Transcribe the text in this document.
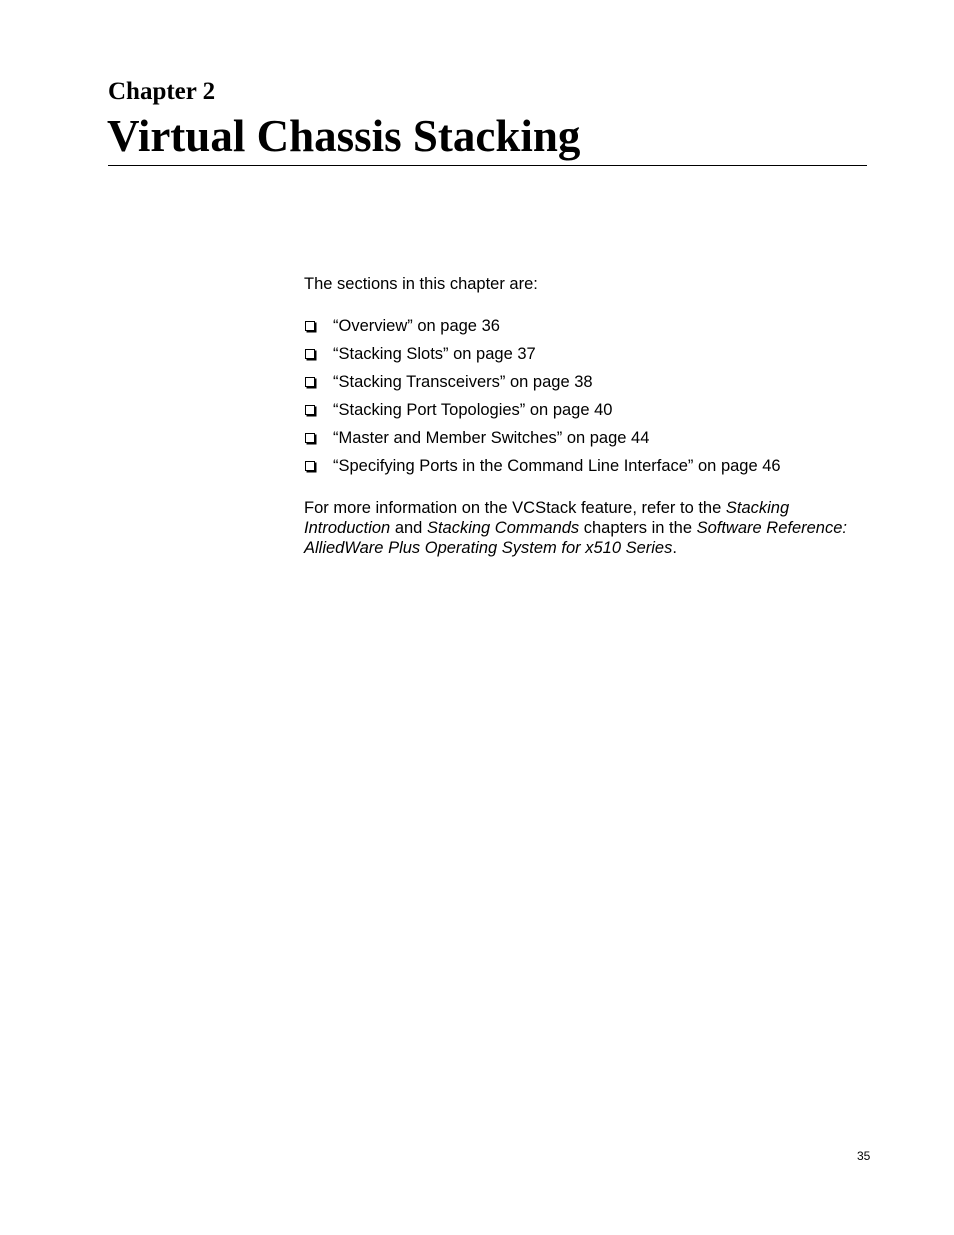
Chapter 2
Virtual Chassis Stacking

The sections in this chapter are:

“Overview” on page 36
“Stacking Slots” on page 37
“Stacking Transceivers” on page 38
“Stacking Port Topologies” on page 40
“Master and Member Switches” on page 44
“Specifying Ports in the Command Line Interface” on page 46

For more information on the VCStack feature, refer to the Stacking Introduction and Stacking Commands chapters in the Software Reference: AlliedWare Plus Operating System for x510 Series.

35
